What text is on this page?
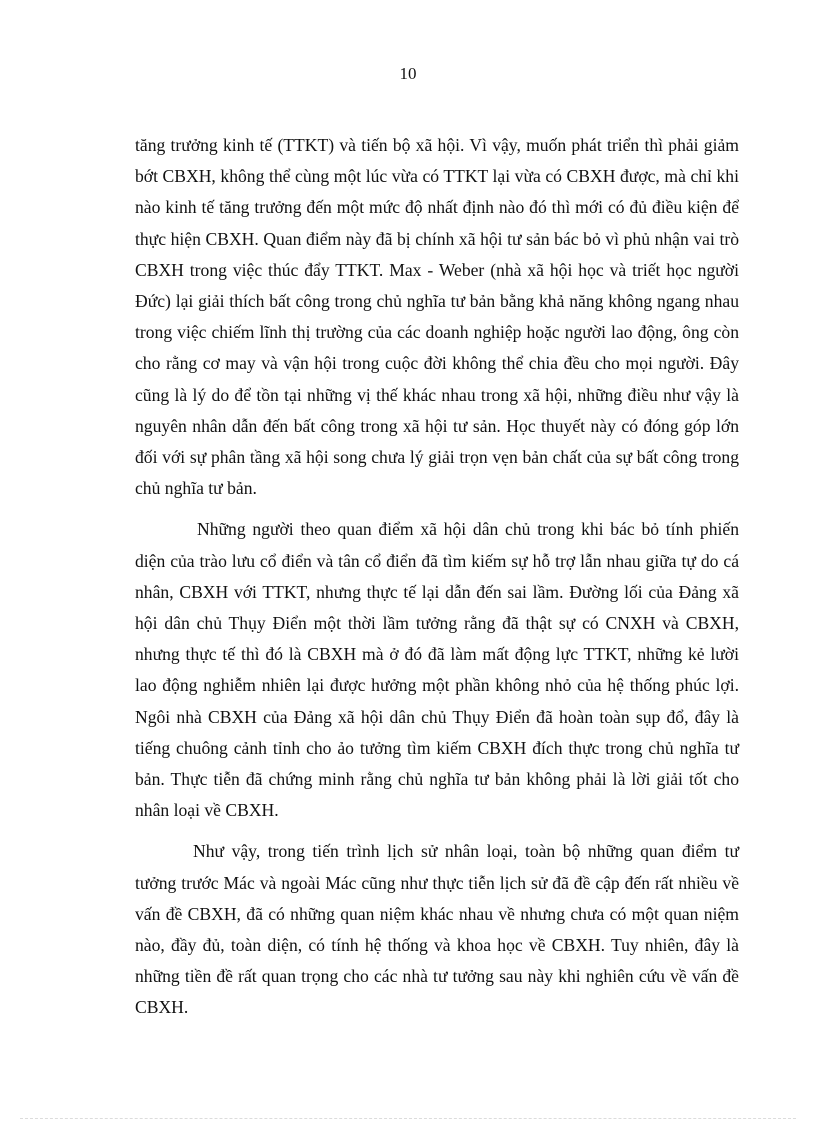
10

tăng trưởng kinh tế (TTKT) và tiến bộ xã hội. Vì vậy, muốn phát triển thì phải giảm bớt CBXH, không thể cùng một lúc vừa có TTKT lại vừa có CBXH được, mà chỉ khi nào kinh tế tăng trưởng đến một mức độ nhất định nào đó thì mới có đủ điều kiện để thực hiện CBXH. Quan điểm này đã bị chính xã hội tư sản bác bỏ vì phủ nhận vai trò CBXH trong việc thúc đẩy TTKT. Max - Weber (nhà xã hội học và triết học người Đức) lại giải thích bất công trong chủ nghĩa tư bản bằng khả năng không ngang nhau trong việc chiếm lĩnh thị trường của các doanh nghiệp hoặc người lao động, ông còn cho rằng cơ may và vận hội trong cuộc đời không thể chia đều cho mọi người. Đây cũng là lý do để tồn tại những vị thế khác nhau trong xã hội, những điều như vậy là nguyên nhân dẫn đến bất công trong xã hội tư sản. Học thuyết này có đóng góp lớn đối với sự phân tầng xã hội song chưa lý giải trọn vẹn bản chất của sự bất công trong chủ nghĩa tư bản.

Những người theo quan điểm xã hội dân chủ trong khi bác bỏ tính phiến diện của trào lưu cổ điển và tân cổ điển đã tìm kiếm sự hỗ trợ lẫn nhau giữa tự do cá nhân, CBXH với TTKT, nhưng thực tế lại dẫn đến sai lầm. Đường lối của Đảng xã hội dân chủ Thụy Điển một thời lầm tưởng rằng đã thật sự có CNXH và CBXH, nhưng thực tế thì đó là CBXH mà ở đó đã làm mất động lực TTKT, những kẻ lười lao động nghiễm nhiên lại được hưởng một phần không nhỏ của hệ thống phúc lợi. Ngôi nhà CBXH của Đảng xã hội dân chủ Thụy Điển đã hoàn toàn sụp đổ, đây là tiếng chuông cảnh tỉnh cho ảo tưởng tìm kiếm CBXH đích thực trong chủ nghĩa tư bản. Thực tiễn đã chứng minh rằng chủ nghĩa tư bản không phải là lời giải tốt cho nhân loại về CBXH.

Như vậy, trong tiến trình lịch sử nhân loại, toàn bộ những quan điểm tư tưởng trước Mác và ngoài Mác cũng như thực tiễn lịch sử đã đề cập đến rất nhiều về vấn đề CBXH, đã có những quan niệm khác nhau về nhưng chưa có một quan niệm nào, đầy đủ, toàn diện, có tính hệ thống và khoa học về CBXH. Tuy nhiên, đây là những tiền đề rất quan trọng cho các nhà tư tưởng sau này khi nghiên cứu về vấn đề CBXH.
